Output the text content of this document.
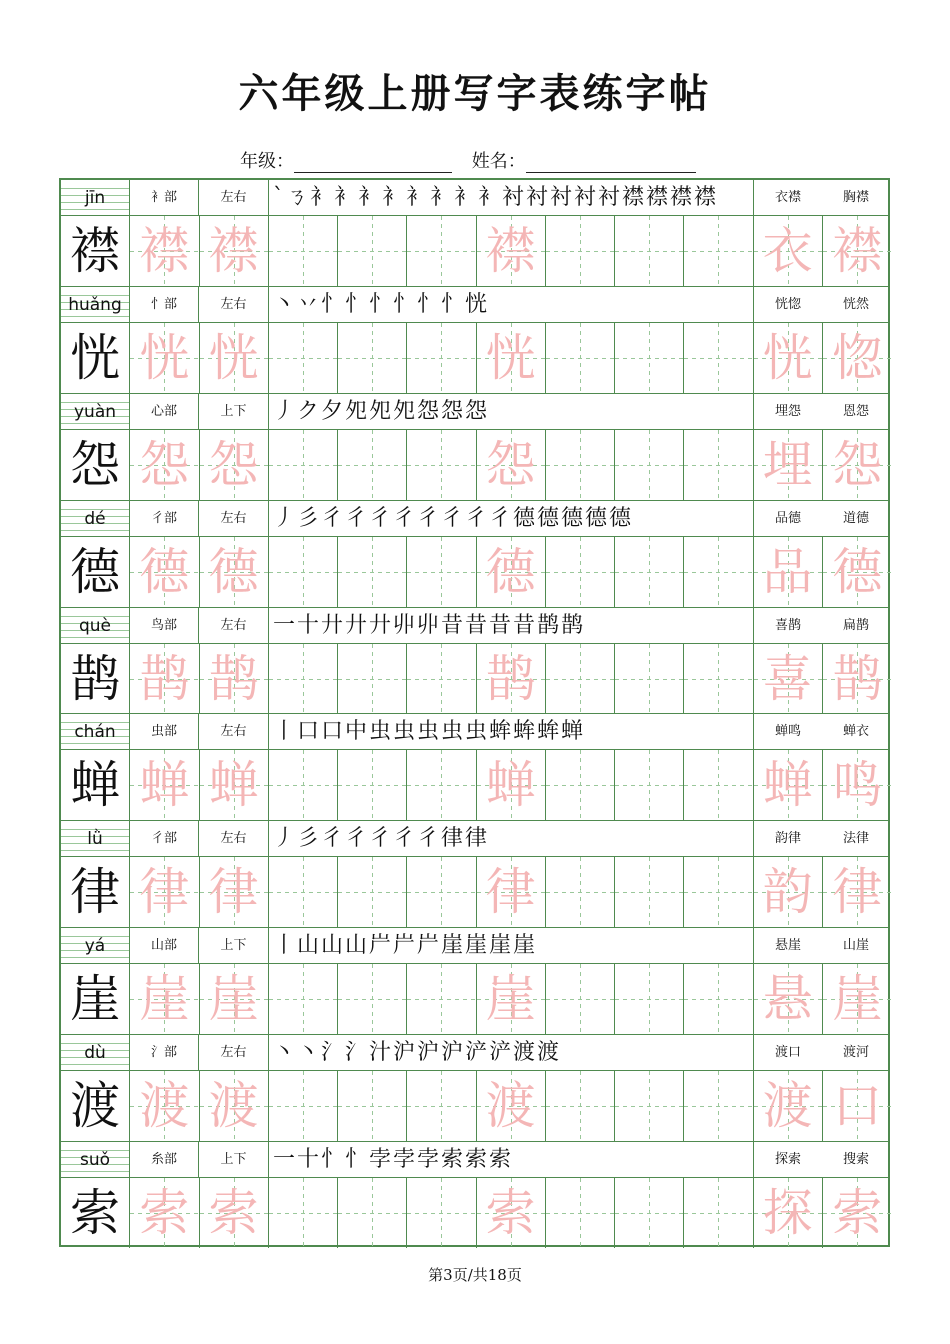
六年级上册写字表练字帖
年级：	姓名：
jīn	衤部	左右	`ㄋ衤衤衤衤衤衤衤衤衬衬衬衬衬襟襟襟襟	衣襟	胸襟
襟 襟 襟	襟	衣 襟
huǎng	忄部	左右	丶丷忄忄忄忄忄忄恍	恍惚	恍然
恍 恍 恍	恍	恍 惚
yuàn	心部	上下	丿ク夕夗夗夗怨怨怨	埋怨	恩怨
怨 怨 怨	怨	埋 怨
dé	彳部	左右	丿彡彳彳彳彳彳彳彳彳德德德德德	品德	道德
德 德 德	德	品 德
què	鸟部	左右	一十廾廾廾丱丱昔昔昔昔鹊鹊	喜鹊	扁鹊
鹊 鹊 鹊	鹊	喜 鹊
chán	虫部	左右	丨口口中虫虫虫虫虫蛑蛑蛑蝉	蝉鸣	蝉衣
蝉 蝉 蝉	蝉	蝉 鸣
lǜ	彳部	左右	丿彡彳彳彳彳彳律律	韵律	法律
律 律 律	律	韵 律
yá	山部	上下	丨山山山屵屵屵崖崖崖崖	悬崖	山崖
崖 崖 崖	崖	悬 崖
dù	氵部	左右	丶丶氵氵汁沪沪沪浐浐渡渡	渡口	渡河
渡 渡 渡	渡	渡 口
suǒ	糸部	上下	一十忄忄孛孛孛索索索	探索	搜索
索 索 索	索	探 索
第3页/共18页
